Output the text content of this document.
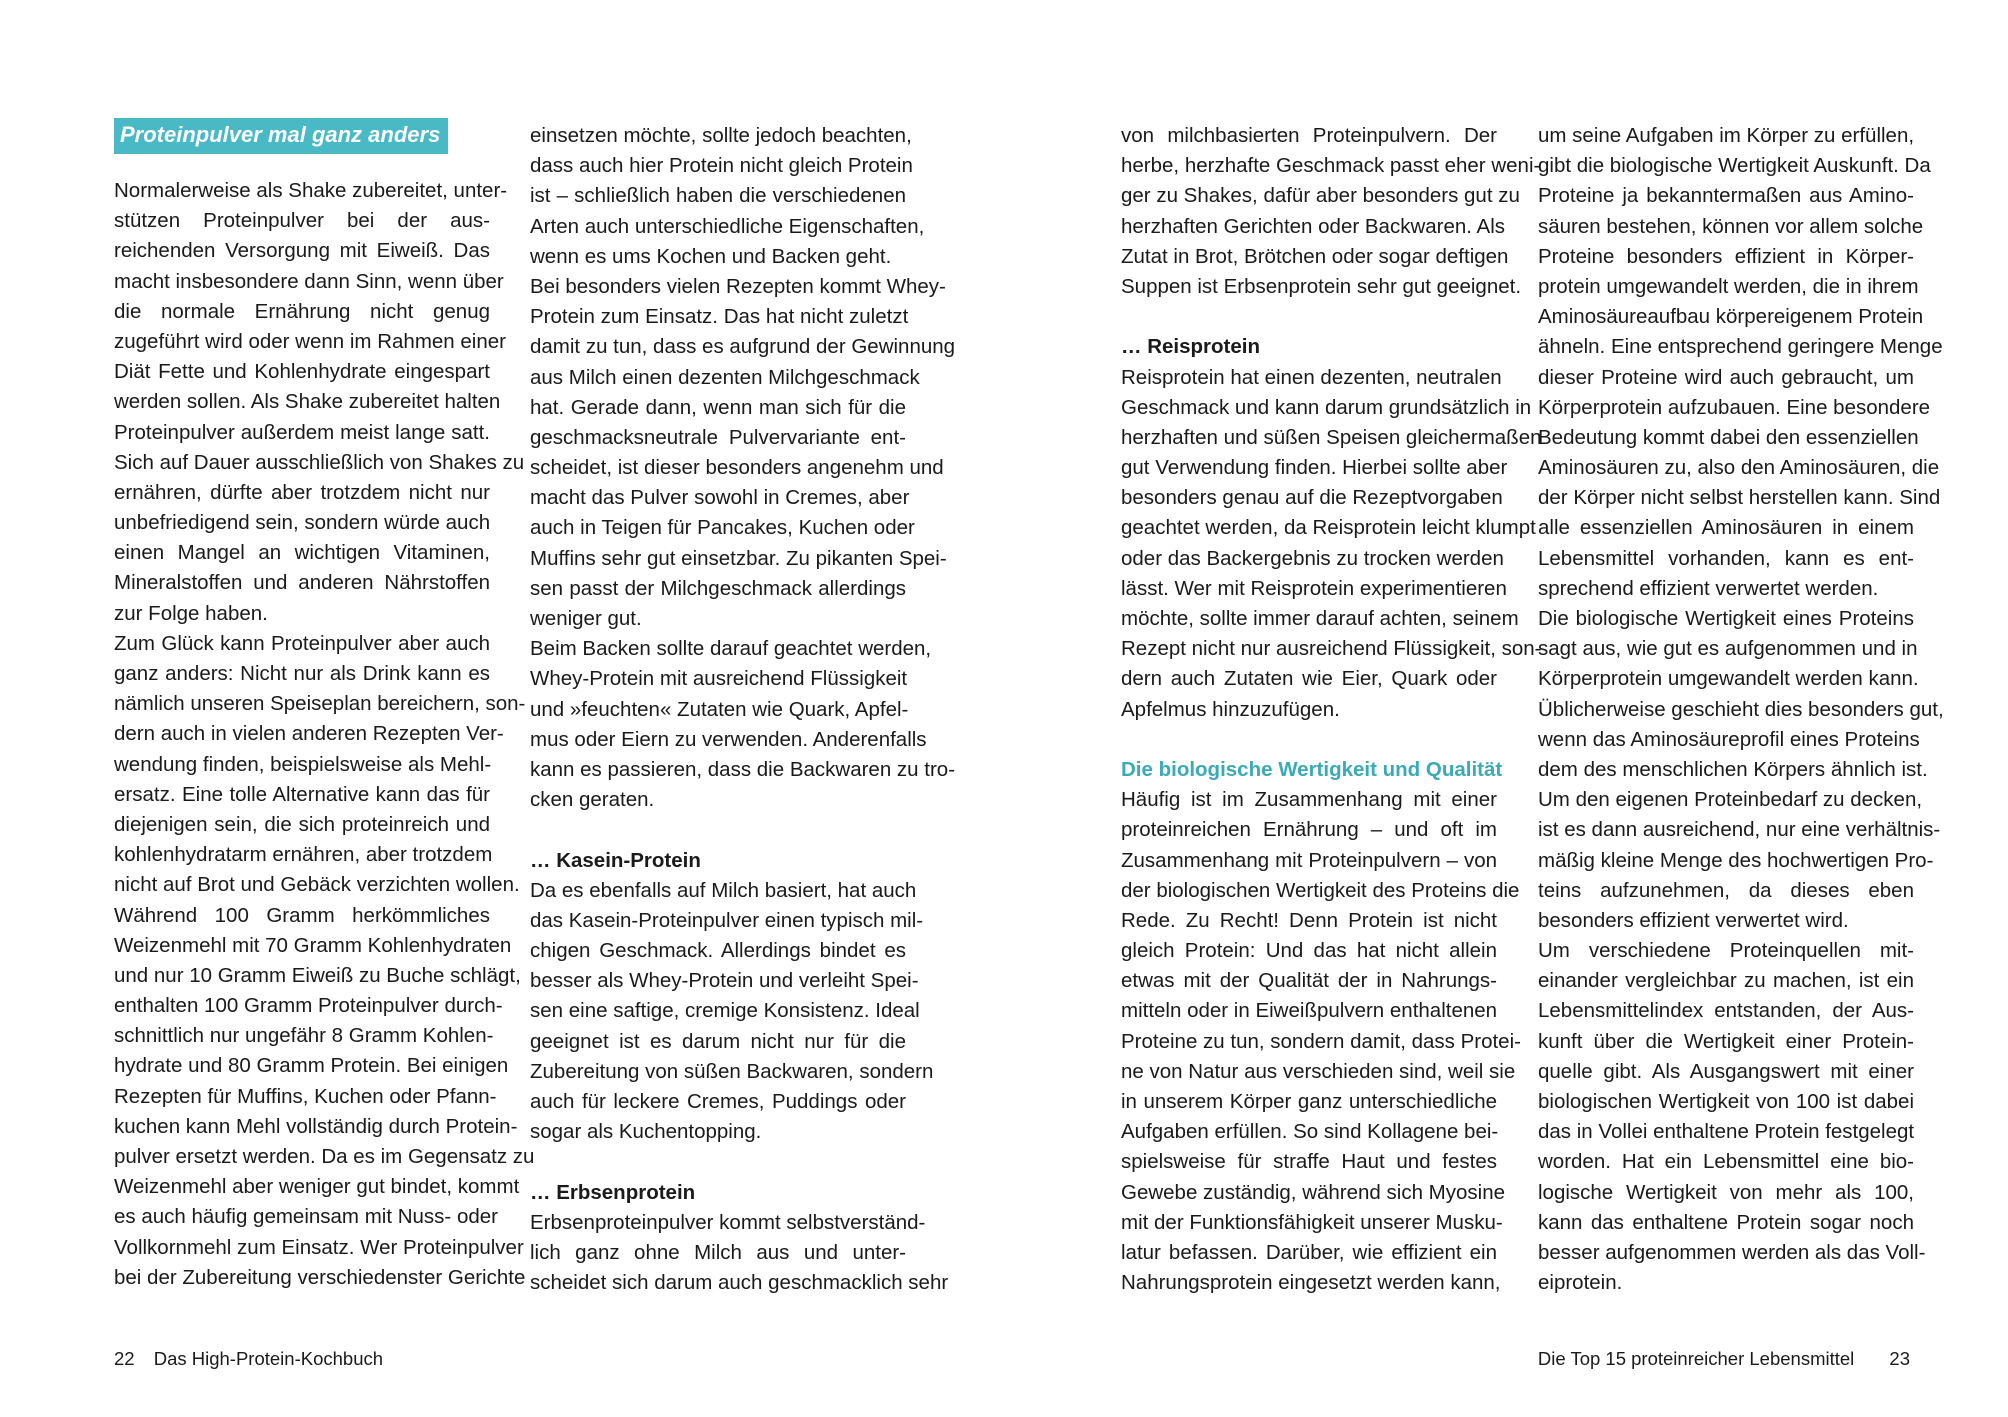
Proteinpulver mal ganz anders
Normalerweise als Shake zubereitet, unter-
stützen Proteinpulver bei der aus-
reichenden Versorgung mit Eiweiß. Das
macht insbesondere dann Sinn, wenn über
die normale Ernährung nicht genug
zugeführt wird oder wenn im Rahmen einer
Diät Fette und Kohlenhydrate eingespart
werden sollen. Als Shake zubereitet halten
Proteinpulver außerdem meist lange satt.
Sich auf Dauer ausschließlich von Shakes zu
ernähren, dürfte aber trotzdem nicht nur
unbefriedigend sein, sondern würde auch
einen Mangel an wichtigen Vitaminen,
Mineralstoffen und anderen Nährstoffen
zur Folge haben.
Zum Glück kann Proteinpulver aber auch
ganz anders: Nicht nur als Drink kann es
nämlich unseren Speiseplan bereichern, son-
dern auch in vielen anderen Rezepten Ver-
wendung finden, beispielsweise als Mehl-
ersatz. Eine tolle Alternative kann das für
diejenigen sein, die sich proteinreich und
kohlenhydratarm ernähren, aber trotzdem
nicht auf Brot und Gebäck verzichten wollen.
Während 100 Gramm herkömmliches
Weizenmehl mit 70 Gramm Kohlenhydraten
und nur 10 Gramm Eiweiß zu Buche schlägt,
enthalten 100 Gramm Proteinpulver durch-
schnittlich nur ungefähr 8 Gramm Kohlen-
hydrate und 80 Gramm Protein. Bei einigen
Rezepten für Muffins, Kuchen oder Pfann-
kuchen kann Mehl vollständig durch Protein-
pulver ersetzt werden. Da es im Gegensatz zu
Weizenmehl aber weniger gut bindet, kommt
es auch häufig gemeinsam mit Nuss- oder
Vollkornmehl zum Einsatz. Wer Proteinpulver
bei der Zubereitung verschiedenster Gerichte
einsetzen möchte, sollte jedoch beachten,
dass auch hier Protein nicht gleich Protein
ist – schließlich haben die verschiedenen
Arten auch unterschiedliche Eigenschaften,
wenn es ums Kochen und Backen geht.
Bei besonders vielen Rezepten kommt Whey-
Protein zum Einsatz. Das hat nicht zuletzt
damit zu tun, dass es aufgrund der Gewinnung
aus Milch einen dezenten Milchgeschmack
hat. Gerade dann, wenn man sich für die
geschmacksneutrale Pulvervariante ent-
scheidet, ist dieser besonders angenehm und
macht das Pulver sowohl in Cremes, aber
auch in Teigen für Pancakes, Kuchen oder
Muffins sehr gut einsetzbar. Zu pikanten Spei-
sen passt der Milchgeschmack allerdings
weniger gut.
Beim Backen sollte darauf geachtet werden,
Whey-Protein mit ausreichend Flüssigkeit
und »feuchten« Zutaten wie Quark, Apfel-
mus oder Eiern zu verwenden. Anderenfalls
kann es passieren, dass die Backwaren zu tro-
cken geraten.
… Kasein-Protein
Da es ebenfalls auf Milch basiert, hat auch
das Kasein-Proteinpulver einen typisch mil-
chigen Geschmack. Allerdings bindet es
besser als Whey-Protein und verleiht Spei-
sen eine saftige, cremige Konsistenz. Ideal
geeignet ist es darum nicht nur für die
Zubereitung von süßen Backwaren, sondern
auch für leckere Cremes, Puddings oder
sogar als Kuchentopping.
… Erbsenprotein
Erbsenproteinpulver kommt selbstverständ-
lich ganz ohne Milch aus und unter-
scheidet sich darum auch geschmacklich sehr
22 Das High-Protein-Kochbuch
von milchbasierten Proteinpulvern. Der
herbe, herzhafte Geschmack passt eher weni-
ger zu Shakes, dafür aber besonders gut zu
herzhaften Gerichten oder Backwaren. Als
Zutat in Brot, Brötchen oder sogar deftigen
Suppen ist Erbsenprotein sehr gut geeignet.
… Reisprotein
Reisprotein hat einen dezenten, neutralen
Geschmack und kann darum grundsätzlich in
herzhaften und süßen Speisen gleichermaßen
gut Verwendung finden. Hierbei sollte aber
besonders genau auf die Rezeptvorgaben
geachtet werden, da Reisprotein leicht klumpt
oder das Backergebnis zu trocken werden
lässt. Wer mit Reisprotein experimentieren
möchte, sollte immer darauf achten, seinem
Rezept nicht nur ausreichend Flüssigkeit, son-
dern auch Zutaten wie Eier, Quark oder
Apfelmus hinzuzufügen.
Die biologische Wertigkeit und Qualität
Häufig ist im Zusammenhang mit einer
proteinreichen Ernährung – und oft im
Zusammenhang mit Proteinpulvern – von
der biologischen Wertigkeit des Proteins die
Rede. Zu Recht! Denn Protein ist nicht
gleich Protein: Und das hat nicht allein
etwas mit der Qualität der in Nahrungs-
mitteln oder in Eiweißpulvern enthaltenen
Proteine zu tun, sondern damit, dass Protei-
ne von Natur aus verschieden sind, weil sie
in unserem Körper ganz unterschiedliche
Aufgaben erfüllen. So sind Kollagene bei-
spielsweise für straffe Haut und festes
Gewebe zuständig, während sich Myosine
mit der Funktionsfähigkeit unserer Musku-
latur befassen. Darüber, wie effizient ein
Nahrungsprotein eingesetzt werden kann,
um seine Aufgaben im Körper zu erfüllen,
gibt die biologische Wertigkeit Auskunft. Da
Proteine ja bekanntermaßen aus Amino-
säuren bestehen, können vor allem solche
Proteine besonders effizient in Körper-
protein umgewandelt werden, die in ihrem
Aminosäureaufbau körpereigenem Protein
ähneln. Eine entsprechend geringere Menge
dieser Proteine wird auch gebraucht, um
Körperprotein aufzubauen. Eine besondere
Bedeutung kommt dabei den essenziellen
Aminosäuren zu, also den Aminosäuren, die
der Körper nicht selbst herstellen kann. Sind
alle essenziellen Aminosäuren in einem
Lebensmittel vorhanden, kann es ent-
sprechend effizient verwertet werden.
Die biologische Wertigkeit eines Proteins
sagt aus, wie gut es aufgenommen und in
Körperprotein umgewandelt werden kann.
Üblicherweise geschieht dies besonders gut,
wenn das Aminosäureprofil eines Proteins
dem des menschlichen Körpers ähnlich ist.
Um den eigenen Proteinbedarf zu decken,
ist es dann ausreichend, nur eine verhältnis-
mäßig kleine Menge des hochwertigen Pro-
teins aufzunehmen, da dieses eben
besonders effizient verwertet wird.
Um verschiedene Proteinquellen mit-
einander vergleichbar zu machen, ist ein
Lebensmittelindex entstanden, der Aus-
kunft über die Wertigkeit einer Protein-
quelle gibt. Als Ausgangswert mit einer
biologischen Wertigkeit von 100 ist dabei
das in Vollei enthaltene Protein festgelegt
worden. Hat ein Lebensmittel eine bio-
logische Wertigkeit von mehr als 100,
kann das enthaltene Protein sogar noch
besser aufgenommen werden als das Voll-
eiprotein.
Die Top 15 proteinreicher Lebensmittel 23
